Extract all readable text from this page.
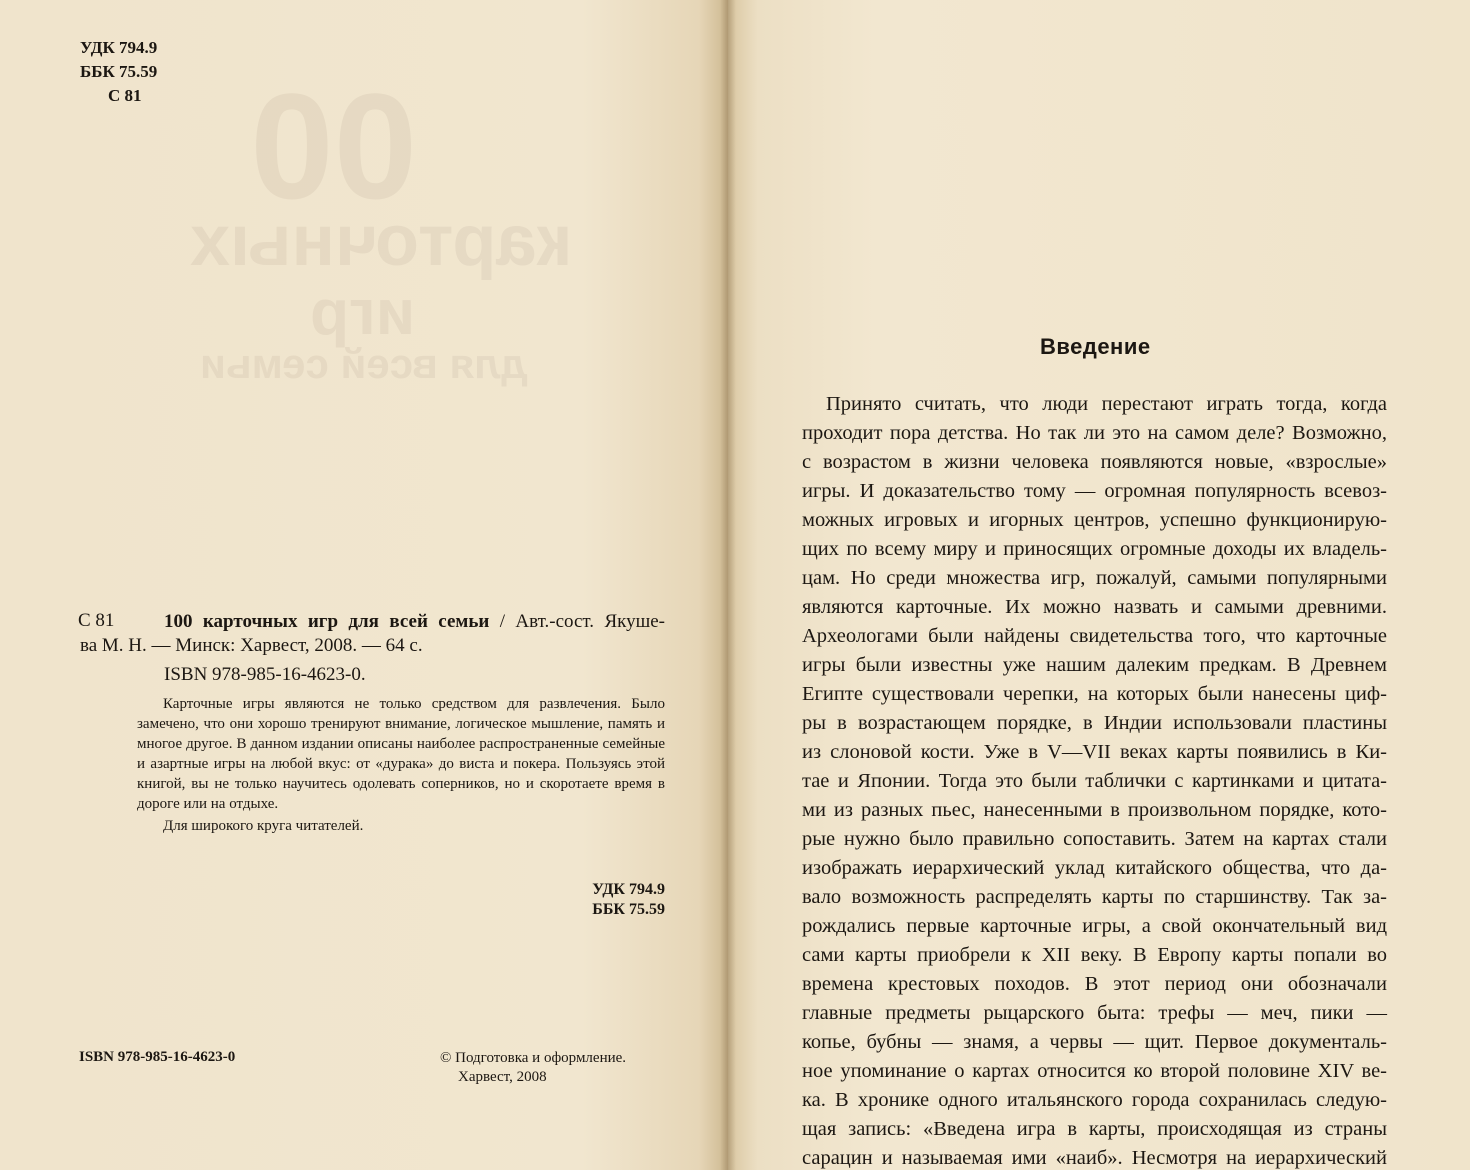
00
карточных
игр
для всей семьи
УДК 794.9
ББК 75.59
С 81
С 81	100 карточных игр для всей семьи / Авт.-сост. Якуше-
ва М. Н. — Минск: Харвест, 2008. — 64 с.
ISBN 978-985-16-4623-0.

Карточные игры являются не только средством для развлечения. Было замечено, что они хорошо тренируют внимание, логическое мышление, память и многое другое. В данном издании описаны наиболее распространенные семейные и азартные игры на любой вкус: от «дурака» до виста и покера. Пользуясь этой книгой, вы не только научитесь одолевать соперников, но и скоротаете время в дороге или на отдыхе.

Для широкого круга читателей.

УДК 794.9
ББК 75.59
ISBN 978-985-16-4623-0	© Подготовка и оформление.
Харвест, 2008
Введение
Принято считать, что люди перестают играть тогда, когда
проходит пора детства. Но так ли это на самом деле? Возможно,
с возрастом в жизни человека появляются новые, «взрослые»
игры. И доказательство тому — огромная популярность всевоз-
можных игровых и игорных центров, успешно функционирую-
щих по всему миру и приносящих огромные доходы их владель-
цам. Но среди множества игр, пожалуй, самыми популярными
являются карточные. Их можно назвать и самыми древними.
Археологами были найдены свидетельства того, что карточные
игры были известны уже нашим далеким предкам. В Древнем
Египте существовали черепки, на которых были нанесены циф-
ры в возрастающем порядке, в Индии использовали пластины
из слоновой кости. Уже в V—VII веках карты появились в Ки-
тае и Японии. Тогда это были таблички с картинками и цитата-
ми из разных пьес, нанесенными в произвольном порядке, кото-
рые нужно было правильно сопоставить. Затем на картах стали
изображать иерархический уклад китайского общества, что да-
вало возможность распределять карты по старшинству. Так за-
рождались первые карточные игры, а свой окончательный вид
сами карты приобрели к XII веку. В Европу карты попали во
времена крестовых походов. В этот период они обозначали
главные предметы рыцарского быта: трефы — меч, пики —
копье, бубны — знамя, а червы — щит. Первое документаль-
ное упоминание о картах относится ко второй половине XIV ве-
ка. В хронике одного итальянского города сохранилась следую-
щая запись: «Введена игра в карты, происходящая из страны
сарацин и называемая ими «наиб». Несмотря на иерархический
